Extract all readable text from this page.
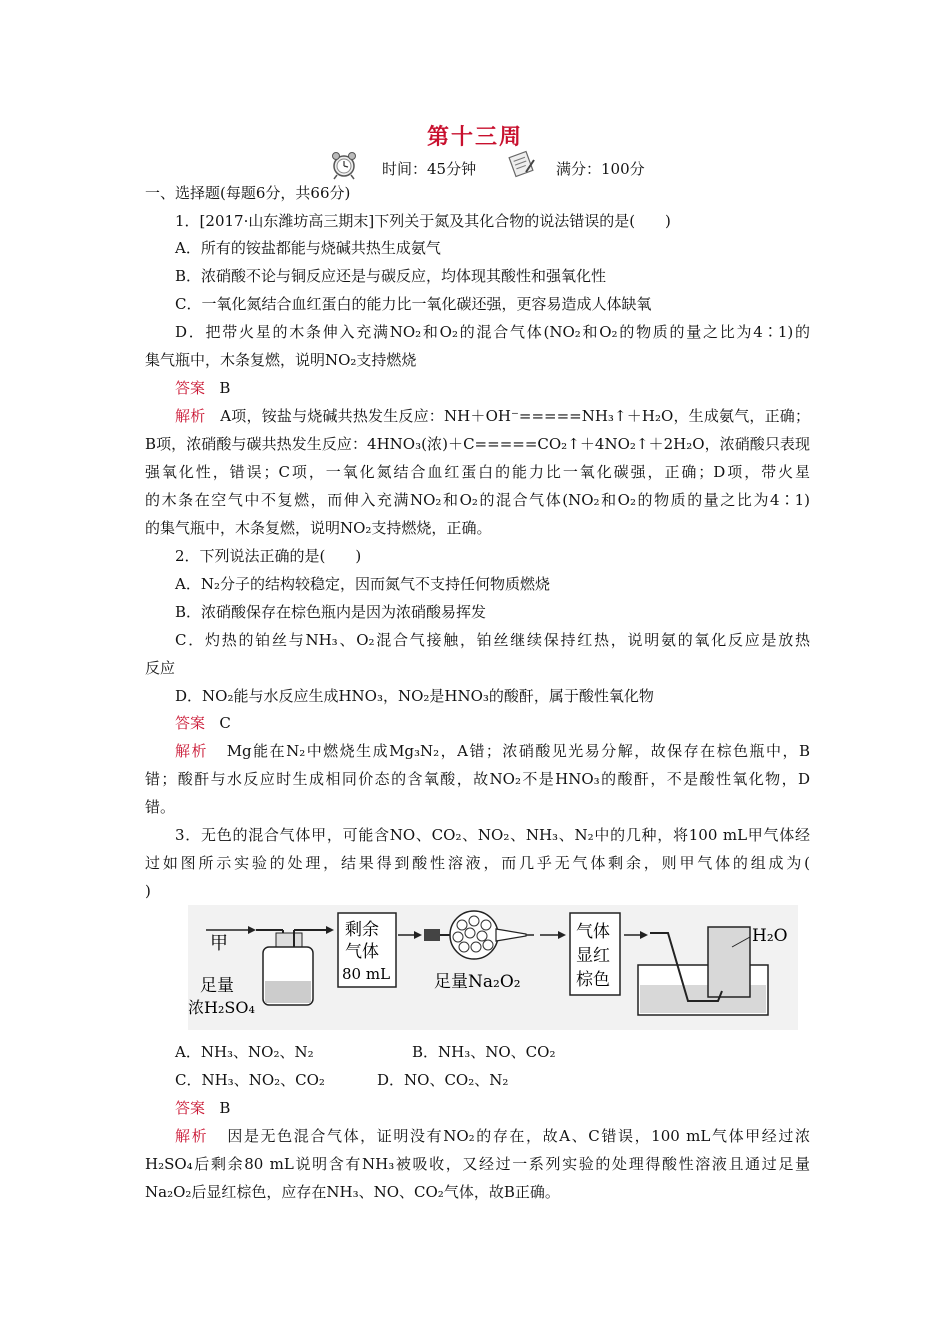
第十三周
时间：45分钟	满分：100分
一、选择题(每题6分，共66分)
1．[2017·山东潍坊高三期末]下列关于氮及其化合物的说法错误的是(　　)
A．所有的铵盐都能与烧碱共热生成氨气
B．浓硝酸不论与铜反应还是与碳反应，均体现其酸性和强氧化性
C．一氧化氮结合血红蛋白的能力比一氧化碳还强，更容易造成人体缺氧
D．把带火星的木条伸入充满NO₂和O₂的混合气体(NO₂和O₂的物质的量之比为4∶1)的
集气瓶中，木条复燃，说明NO₂支持燃烧
答案 B
解析 A项，铵盐与烧碱共热发生反应：NH＋OH⁻=====NH₃↑＋H₂O，生成氨气，正确；
B项，浓硝酸与碳共热发生反应：4HNO₃(浓)＋C=====CO₂↑＋4NO₂↑＋2H₂O，浓硝酸只表现
强氧化性，错误；C项，一氧化氮结合血红蛋白的能力比一氧化碳强，正确；D项，带火星
的木条在空气中不复燃，而伸入充满NO₂和O₂的混合气体(NO₂和O₂的物质的量之比为4∶1)
的集气瓶中，木条复燃，说明NO₂支持燃烧，正确。
2．下列说法正确的是(　　)
A．N₂分子的结构较稳定，因而氮气不支持任何物质燃烧
B．浓硝酸保存在棕色瓶内是因为浓硝酸易挥发
C．灼热的铂丝与NH₃、O₂混合气接触，铂丝继续保持红热，说明氨的氧化反应是放热
反应
D．NO₂能与水反应生成HNO₃，NO₂是HNO₃的酸酐，属于酸性氧化物
答案 C
解析 Mg能在N₂中燃烧生成Mg₃N₂，A错；浓硝酸见光易分解，故保存在棕色瓶中，B
错；酸酐与水反应时生成相同价态的含氧酸，故NO₂不是HNO₃的酸酐，不是酸性氧化物，D
错。
3．无色的混合气体甲，可能含NO、CO₂、NO₂、NH₃、N₂中的几种，将100 mL甲气体经
过如图所示实验的处理，结果得到酸性溶液，而几乎无气体剩余，则甲气体的组成为(
)
甲
足量
浓H₂SO₄
剩余
气体
80 mL	足量Na₂O₂
气体
显红
棕色
H₂O
A．NH₃、NO₂、N₂	B．NH₃、NO、CO₂
C．NH₃、NO₂、CO₂	D．NO、CO₂、N₂
答案 B
解析 因是无色混合气体，证明没有NO₂的存在，故A、C错误，100 mL气体甲经过浓
H₂SO₄后剩余80 mL说明含有NH₃被吸收，又经过一系列实验的处理得酸性溶液且通过足量
Na₂O₂后显红棕色，应存在NH₃、NO、CO₂气体，故B正确。
